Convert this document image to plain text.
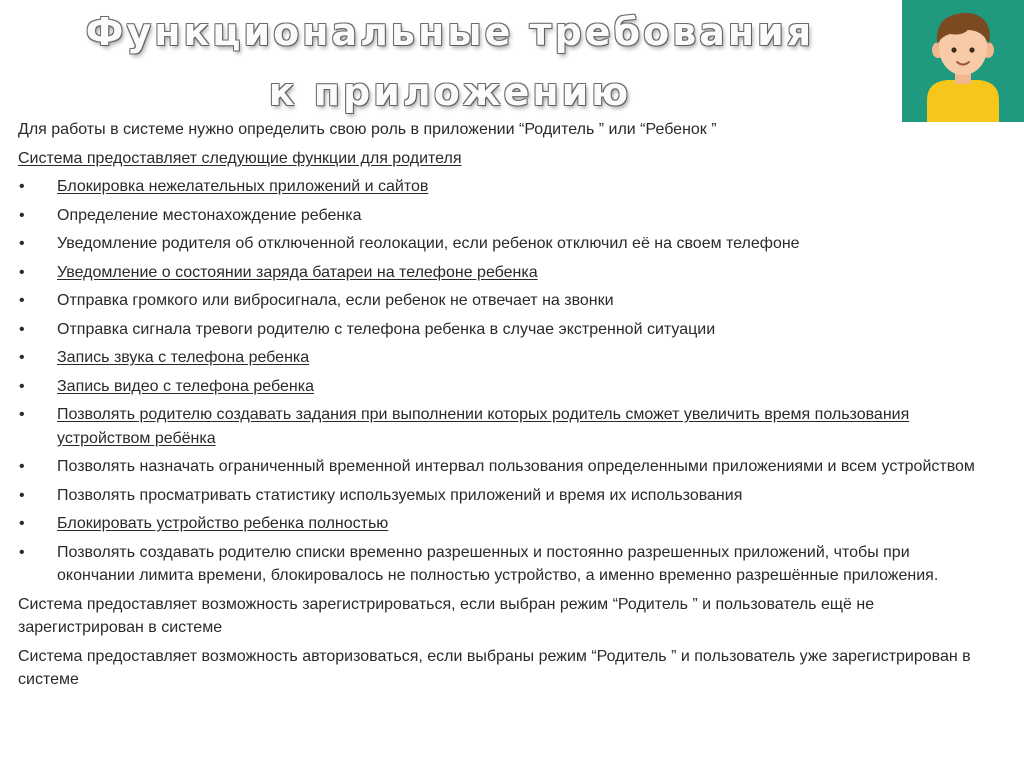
Функциональные требования
к приложению

Для работы в системе нужно определить свою роль в приложении “Родитель ” или “Ребенок ”

Система предоставляет следующие функции для родителя

• Блокировка нежелательных приложений и сайтов
• Определение местонахождение ребенка
• Уведомление родителя об отключенной геолокации, если ребенок отключил её на своем телефоне
• Уведомление о состоянии заряда батареи на телефоне ребенка
• Отправка громкого или вибросигнала, если ребенок не отвечает на звонки
• Отправка сигнала тревоги родителю с телефона ребенка в случае экстренной ситуации
• Запись звука с телефона ребенка
• Запись видео с телефона ребенка
• Позволять родителю создавать задания при выполнении которых родитель сможет увеличить время пользования устройством ребёнка
• Позволять назначать ограниченный временной интервал пользования определенными приложениями и всем устройством
• Позволять просматривать статистику используемых приложений и время их использования
• Блокировать устройство ребенка полностью
• Позволять создавать родителю списки временно разрешенных и постоянно разрешенных приложений, чтобы при окончании лимита времени, блокировалось не полностью устройство, а именно временно разрешённые приложения.

Система предоставляет возможность зарегистрироваться, если выбран режим “Родитель ” и пользователь ещё не зарегистрирован в системе

Система предоставляет возможность авторизоваться, если выбраны режим “Родитель ” и пользователь уже зарегистрирован в системе
